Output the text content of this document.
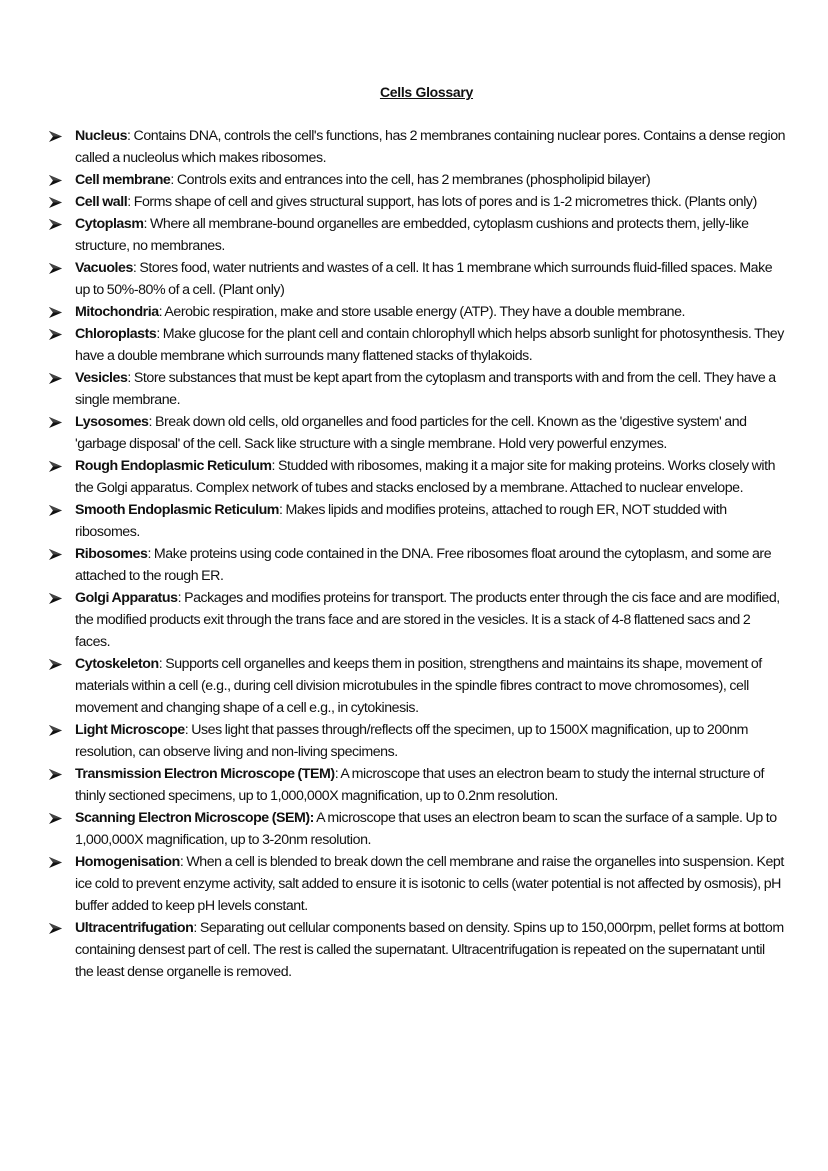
Cells Glossary
Nucleus: Contains DNA, controls the cell's functions, has 2 membranes containing nuclear pores. Contains a dense region called a nucleolus which makes ribosomes.
Cell membrane: Controls exits and entrances into the cell, has 2 membranes (phospholipid bilayer)
Cell wall: Forms shape of cell and gives structural support, has lots of pores and is 1-2 micrometres thick. (Plants only)
Cytoplasm: Where all membrane-bound organelles are embedded, cytoplasm cushions and protects them, jelly-like structure, no membranes.
Vacuoles: Stores food, water nutrients and wastes of a cell. It has 1 membrane which surrounds fluid-filled spaces. Make up to 50%-80% of a cell. (Plant only)
Mitochondria: Aerobic respiration, make and store usable energy (ATP). They have a double membrane.
Chloroplasts: Make glucose for the plant cell and contain chlorophyll which helps absorb sunlight for photosynthesis. They have a double membrane which surrounds many flattened stacks of thylakoids.
Vesicles: Store substances that must be kept apart from the cytoplasm and transports with and from the cell. They have a single membrane.
Lysosomes: Break down old cells, old organelles and food particles for the cell. Known as the 'digestive system' and 'garbage disposal' of the cell. Sack like structure with a single membrane. Hold very powerful enzymes.
Rough Endoplasmic Reticulum: Studded with ribosomes, making it a major site for making proteins. Works closely with the Golgi apparatus. Complex network of tubes and stacks enclosed by a membrane. Attached to nuclear envelope.
Smooth Endoplasmic Reticulum: Makes lipids and modifies proteins, attached to rough ER, NOT studded with ribosomes.
Ribosomes: Make proteins using code contained in the DNA. Free ribosomes float around the cytoplasm, and some are attached to the rough ER.
Golgi Apparatus: Packages and modifies proteins for transport. The products enter through the cis face and are modified, the modified products exit through the trans face and are stored in the vesicles. It is a stack of 4-8 flattened sacs and 2 faces.
Cytoskeleton: Supports cell organelles and keeps them in position, strengthens and maintains its shape, movement of materials within a cell (e.g., during cell division microtubules in the spindle fibres contract to move chromosomes), cell movement and changing shape of a cell e.g., in cytokinesis.
Light Microscope: Uses light that passes through/reflects off the specimen, up to 1500X magnification, up to 200nm resolution, can observe living and non-living specimens.
Transmission Electron Microscope (TEM): A microscope that uses an electron beam to study the internal structure of thinly sectioned specimens, up to 1,000,000X magnification, up to 0.2nm resolution.
Scanning Electron Microscope (SEM): A microscope that uses an electron beam to scan the surface of a sample. Up to 1,000,000X magnification, up to 3-20nm resolution.
Homogenisation: When a cell is blended to break down the cell membrane and raise the organelles into suspension. Kept ice cold to prevent enzyme activity, salt added to ensure it is isotonic to cells (water potential is not affected by osmosis), pH buffer added to keep pH levels constant.
Ultracentrifugation: Separating out cellular components based on density. Spins up to 150,000rpm, pellet forms at bottom containing densest part of cell. The rest is called the supernatant. Ultracentrifugation is repeated on the supernatant until the least dense organelle is removed.
